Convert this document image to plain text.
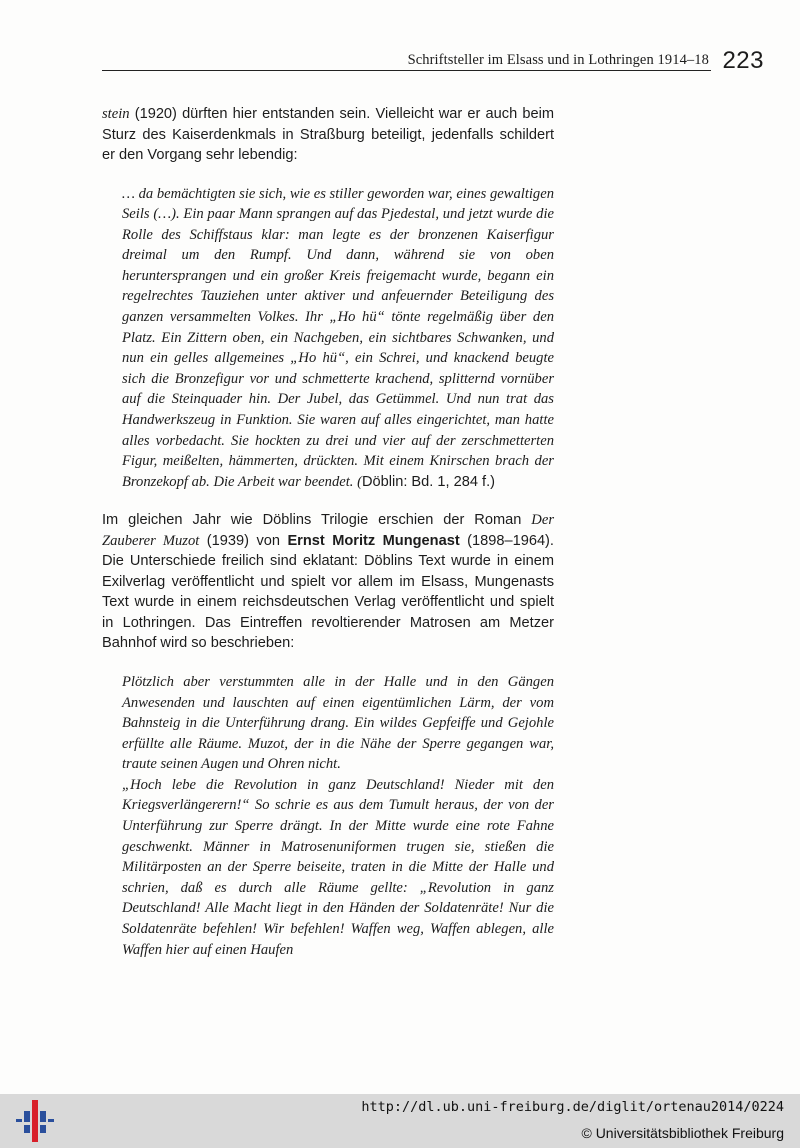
Schriftsteller im Elsass und in Lothringen 1914–18 223

stein (1920) dürften hier entstanden sein. Vielleicht war er auch beim Sturz des Kaiserdenkmals in Straßburg beteiligt, jedenfalls schildert er den Vorgang sehr lebendig:

… da bemächtigten sie sich, wie es stiller geworden war, eines gewaltigen Seils (…). Ein paar Mann sprangen auf das Pjedestal, und jetzt wurde die Rolle des Schiffstaus klar: man legte es der bronzenen Kaiserfigur dreimal um den Rumpf. Und dann, während sie von oben heruntersprangen und ein großer Kreis freigemacht wurde, begann ein regelrechtes Tauziehen unter aktiver und anfeuernder Beteiligung des ganzen versammelten Volkes. Ihr „Ho hü“ tönte regelmäßig über den Platz. Ein Zittern oben, ein Nachgeben, ein sichtbares Schwanken, und nun ein gelles allgemeines „Ho hü“, ein Schrei, und knackend beugte sich die Bronzefigur vor und schmetterte krachend, splitternd vornüber auf die Steinquader hin. Der Jubel, das Getümmel. Und nun trat das Handwerkszeug in Funktion. Sie waren auf alles eingerichtet, man hatte alles vorbedacht. Sie hockten zu drei und vier auf der zerschmetterten Figur, meißelten, hämmerten, drückten. Mit einem Knirschen brach der Bronzekopf ab. Die Arbeit war beendet. (Döblin: Bd. 1, 284 f.)

Im gleichen Jahr wie Döblins Trilogie erschien der Roman Der Zauberer Muzot (1939) von Ernst Moritz Mungenast (1898–1964). Die Unterschiede freilich sind eklatant: Döblins Text wurde in einem Exilverlag veröffentlicht und spielt vor allem im Elsass, Mungenasts Text wurde in einem reichsdeutschen Verlag veröffentlicht und spielt in Lothringen. Das Eintreffen revoltierender Matrosen am Metzer Bahnhof wird so beschrieben:

Plötzlich aber verstummten alle in der Halle und in den Gängen Anwesenden und lauschten auf einen eigentümlichen Lärm, der vom Bahnsteig in die Unterführung drang. Ein wildes Gepfeiffe und Gejohle erfüllte alle Räume. Muzot, der in die Nähe der Sperre gegangen war, traute seinen Augen und Ohren nicht.

„Hoch lebe die Revolution in ganz Deutschland! Nieder mit den Kriegsverlängerern!“ So schrie es aus dem Tumult heraus, der von der Unterführung zur Sperre drängt. In der Mitte wurde eine rote Fahne geschwenkt. Männer in Matrosenuniformen trugen sie, stießen die Militärposten an der Sperre beiseite, traten in die Mitte der Halle und schrien, daß es durch alle Räume gellte: „Revolution in ganz Deutschland! Alle Macht liegt in den Händen der Soldatenräte! Nur die Soldatenräte befehlen! Wir befehlen! Waffen weg, Waffen ablegen, alle Waffen hier auf einen Haufen

http://dl.ub.uni-freiburg.de/diglit/ortenau2014/0224
© Universitätsbibliothek Freiburg
